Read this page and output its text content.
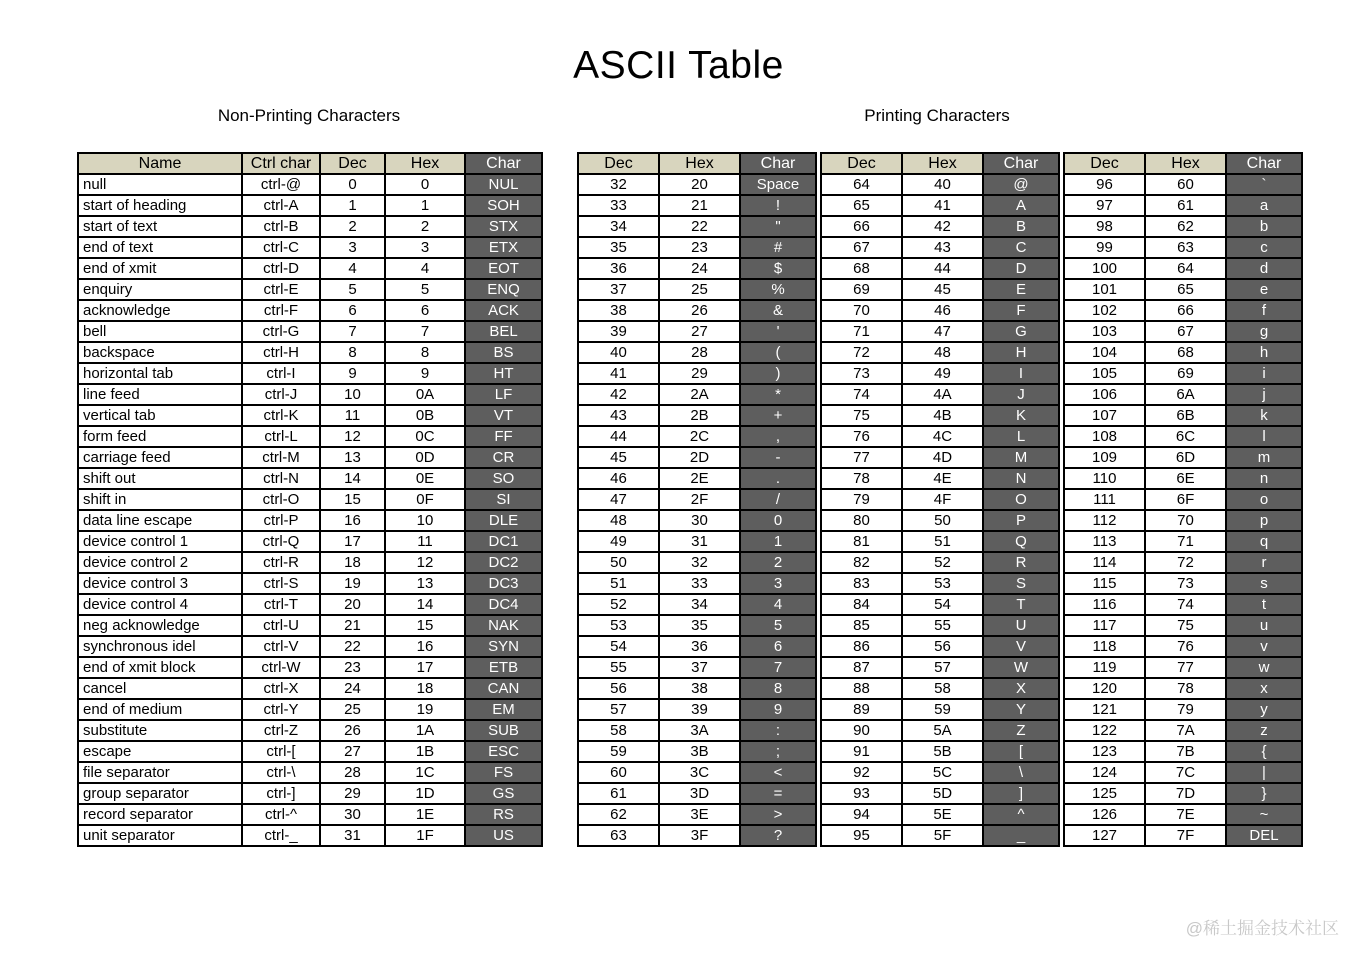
ASCII Table
Non-Printing Characters	Printing Characters
Name	Ctrl char	Dec	Hex	Char
null	ctrl-@	0	0	NUL
start of heading	ctrl-A	1	1	SOH
start of text	ctrl-B	2	2	STX
end of text	ctrl-C	3	3	ETX
end of xmit	ctrl-D	4	4	EOT
enquiry	ctrl-E	5	5	ENQ
acknowledge	ctrl-F	6	6	ACK
bell	ctrl-G	7	7	BEL
backspace	ctrl-H	8	8	BS
horizontal tab	ctrl-I	9	9	HT
line feed	ctrl-J	10	0A	LF
vertical tab	ctrl-K	11	0B	VT
form feed	ctrl-L	12	0C	FF
carriage feed	ctrl-M	13	0D	CR
shift out	ctrl-N	14	0E	SO
shift in	ctrl-O	15	0F	SI
data line escape	ctrl-P	16	10	DLE
device control 1	ctrl-Q	17	11	DC1
device control 2	ctrl-R	18	12	DC2
device control 3	ctrl-S	19	13	DC3
device control 4	ctrl-T	20	14	DC4
neg acknowledge	ctrl-U	21	15	NAK
synchronous idel	ctrl-V	22	16	SYN
end of xmit block	ctrl-W	23	17	ETB
cancel	ctrl-X	24	18	CAN
end of medium	ctrl-Y	25	19	EM
substitute	ctrl-Z	26	1A	SUB
escape	ctrl-[	27	1B	ESC
file separator	ctrl-\	28	1C	FS
group separator	ctrl-]	29	1D	GS
record separator	ctrl-^	30	1E	RS
unit separator	ctrl-_	31	1F	US
Dec	Hex	Char
32	20	Space
33	21	!
34	22	"
35	23	#
36	24	$
37	25	%
38	26	&
39	27	'
40	28	(
41	29	)
42	2A	*
43	2B	+
44	2C	,
45	2D	-
46	2E	.
47	2F	/
48	30	0
49	31	1
50	32	2
51	33	3
52	34	4
53	35	5
54	36	6
55	37	7
56	38	8
57	39	9
58	3A	:
59	3B	;
60	3C	<
61	3D	=
62	3E	>
63	3F	?
Dec	Hex	Char
64	40	@
65	41	A
66	42	B
67	43	C
68	44	D
69	45	E
70	46	F
71	47	G
72	48	H
73	49	I
74	4A	J
75	4B	K
76	4C	L
77	4D	M
78	4E	N
79	4F	O
80	50	P
81	51	Q
82	52	R
83	53	S
84	54	T
85	55	U
86	56	V
87	57	W
88	58	X
89	59	Y
90	5A	Z
91	5B	[
92	5C	\
93	5D	]
94	5E	^
95	5F	_
Dec	Hex	Char
96	60	`
97	61	a
98	62	b
99	63	c
100	64	d
101	65	e
102	66	f
103	67	g
104	68	h
105	69	i
106	6A	j
107	6B	k
108	6C	l
109	6D	m
110	6E	n
111	6F	o
112	70	p
113	71	q
114	72	r
115	73	s
116	74	t
117	75	u
118	76	v
119	77	w
120	78	x
121	79	y
122	7A	z
123	7B	{
124	7C	|
125	7D	}
126	7E	~
127	7F	DEL
@稀土掘金技术社区
